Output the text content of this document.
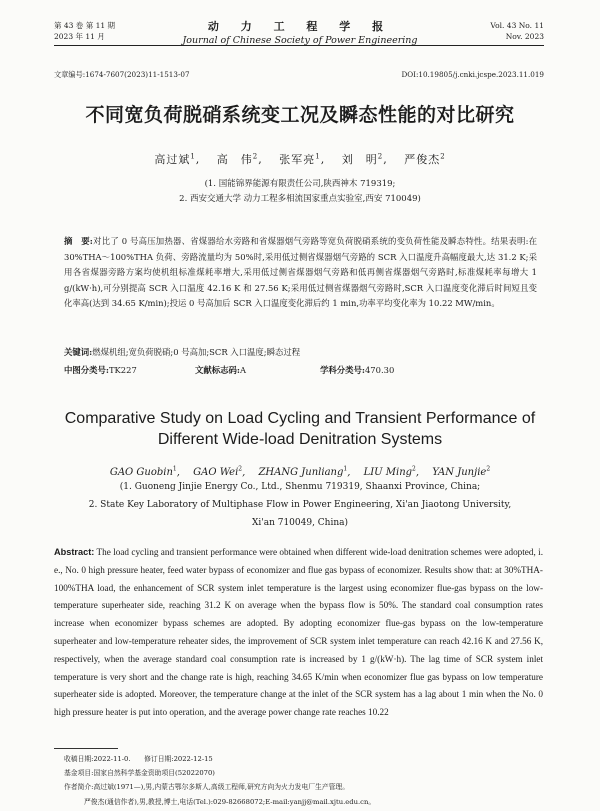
第 43 卷 第 11 期
2023 年 11 月
动 力 工 程 学 报
Journal of Chinese Society of Power Engineering
Vol. 43 No. 11
Nov. 2023
文章编号:1674-7607(2023)11-1513-07	DOI:10.19805/j.cnki.jcspe.2023.11.019
不同宽负荷脱硝系统变工况及瞬态性能的对比研究
高过斌$^1$,　 高　伟$^2$,　 张军亮$^1$,　 刘　明$^2$,　 严俊杰$^2$
(1. 国能锦界能源有限责任公司,陕西神木 719319;
2. 西安交通大学 动力工程多相流国家重点实验室,西安 710049)
摘　要:对比了 0 号高压加热器、省煤器给水旁路和省煤器烟气旁路等宽负荷脱硝系统的变负荷性能及瞬态特性。结果表明:在 30%THA～100%THA 负荷、旁路流量均为 50%时,采用低过侧省煤器烟气旁路的 SCR 入口温度升高幅度最大,达 31.2 K;采用各省煤器旁路方案均使机组标准煤耗率增大,采用低过侧省煤器烟气旁路和低再侧省煤器烟气旁路时,标准煤耗率每增大 1 g/(kW·h),可分别提高 SCR 入口温度 42.16 K 和 27.56 K;采用低过侧省煤器烟气旁路时,SCR 入口温度变化滞后时间短且变化率高(达到 34.65 K/min);投运 0 号高加后 SCR 入口温度变化滞后约 1 min,功率平均变化率为 10.22 MW/min。
关键词:燃煤机组;宽负荷脱硝;0 号高加;SCR 入口温度;瞬态过程
中图分类号:TK227	文献标志码:A	学科分类号:470.30
Comparative Study on Load Cycling and Transient Performance of
Different Wide-load Denitration Systems
GAO Guobin$^1$,　 GAO Wei$^2$,　 ZHANG Junliang$^1$,　 LIU Ming$^2$,　 YAN Junjie$^2$
(1. Guoneng Jinjie Energy Co., Ltd., Shenmu 719319, Shaanxi Province, China;
2. State Key Laboratory of Multiphase Flow in Power Engineering, Xi'an Jiaotong University,
Xi'an 710049, China)
Abstract: The load cycling and transient performance were obtained when different wide-load denitration schemes were adopted, i. e., No. 0 high pressure heater, feed water bypass of economizer and flue gas bypass of economizer. Results show that: at 30%THA-100%THA load, the enhancement of SCR system inlet temperature is the largest using economizer flue-gas bypass on the low-temperature superheater side, reaching 31.2 K on average when the bypass flow is 50%. The standard coal consumption rates increase when economizer bypass schemes are adopted. By adopting economizer flue-gas bypass on the low-temperature superheater and low-temperature reheater sides, the improvement of SCR system inlet temperature can reach 42.16 K and 27.56 K, respectively, when the average standard coal consumption rate is increased by 1 g/(kW·h). The lag time of SCR system inlet temperature is very short and the change rate is high, reaching 34.65 K/min when economizer flue gas bypass on low temperature superheater side is adopted. Moreover, the temperature change at the inlet of the SCR system has a lag about 1 min when the No. 0 high pressure heater is put into operation, and the average power change rate reaches 10.22
收稿日期:2022-11-0.　　修订日期:2022-12-15
基金项目:国家自然科学基金资助项目(52022070)
作者简介:高过斌(1971—),男,内蒙古鄂尔多斯人,高级工程师,研究方向为火力发电厂生产管理。
严俊杰(通信作者),男,教授,博士,电话(Tel.):029-82668072;E-mail:yanjj@mail.xjtu.edu.cn。
